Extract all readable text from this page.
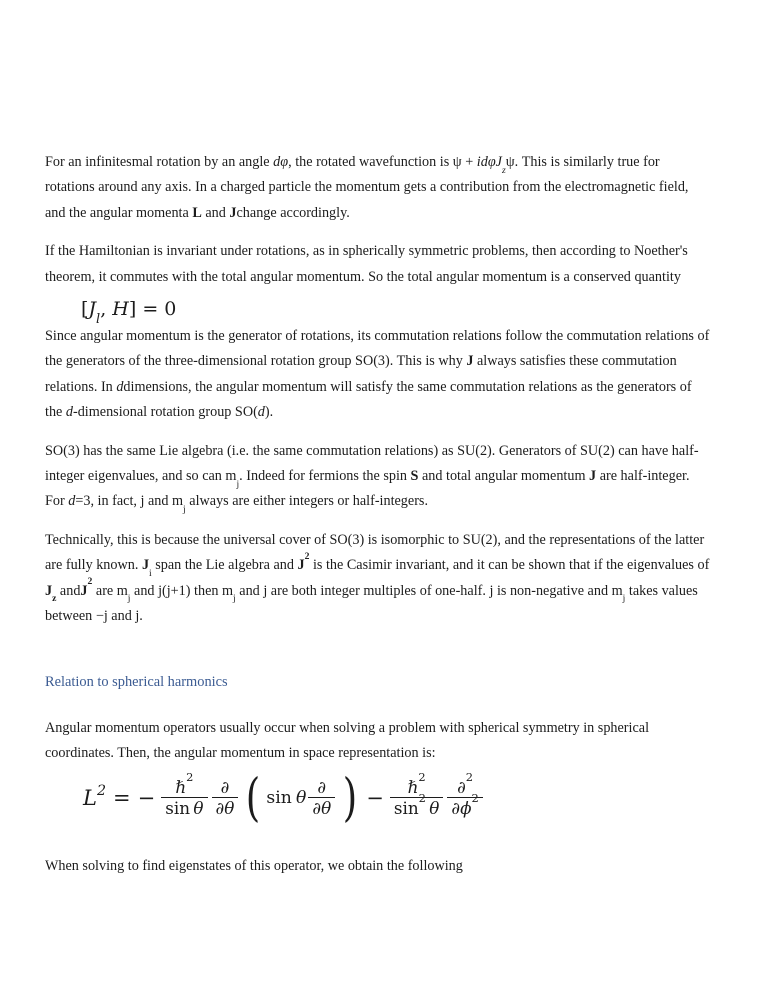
For an infinitesmal rotation by an angle dφ, the rotated wavefunction is ψ + idφJ$_z$ψ. This is similarly true for rotations around any axis. In a charged particle the momentum gets a contribution from the electromagnetic field, and the angular momenta L and Jchange accordingly.

If the Hamiltonian is invariant under rotations, as in spherically symmetric problems, then according to Noether's theorem, it commutes with the total angular momentum. So the total angular momentum is a conserved quantity

[$J_l$, H] = 0

Since angular momentum is the generator of rotations, its commutation relations follow the commutation relations of the generators of the three-dimensional rotation group SO(3). This is why J always satisfies these commutation relations. In ddimensions, the angular momentum will satisfy the same commutation relations as the generators of the d-dimensional rotation group SO(d).

SO(3) has the same Lie algebra (i.e. the same commutation relations) as SU(2). Generators of SU(2) can have half-integer eigenvalues, and so can $m_j$. Indeed for fermions the spin S and total angular momentum J are half-integer. For d=3, in fact, j and $m_j$ always are either integers or half-integers.

Technically, this is because the universal cover of SO(3) is isomorphic to SU(2), and the representations of the latter are fully known. $J_i$ span the Lie algebra and $J^2$ is the Casimir invariant, and it can be shown that if the eigenvalues of $J_z$ andJ$^2$ are $m_j$ and j(j+1) then $m_j$ and j are both integer multiples of one-half. j is non-negative and $m_j$ takes values between −j and j.

Relation to spherical harmonics

Angular momentum operators usually occur when solving a problem with spherical symmetry in spherical coordinates. Then, the angular momentum in space representation is:

$L^2$ = − $\frac{\hbar^2}{\text{sin  θ}} \frac{\partial}{\partial\theta}$ ( sin
  θ $\frac{\partial}{\partial\theta}$ ) − $\frac{\hbar^2}{\sin^2 \theta} \frac{\partial^2}{\partial\phi^2}$

When solving to find eigenstates of this operator, we obtain the following
